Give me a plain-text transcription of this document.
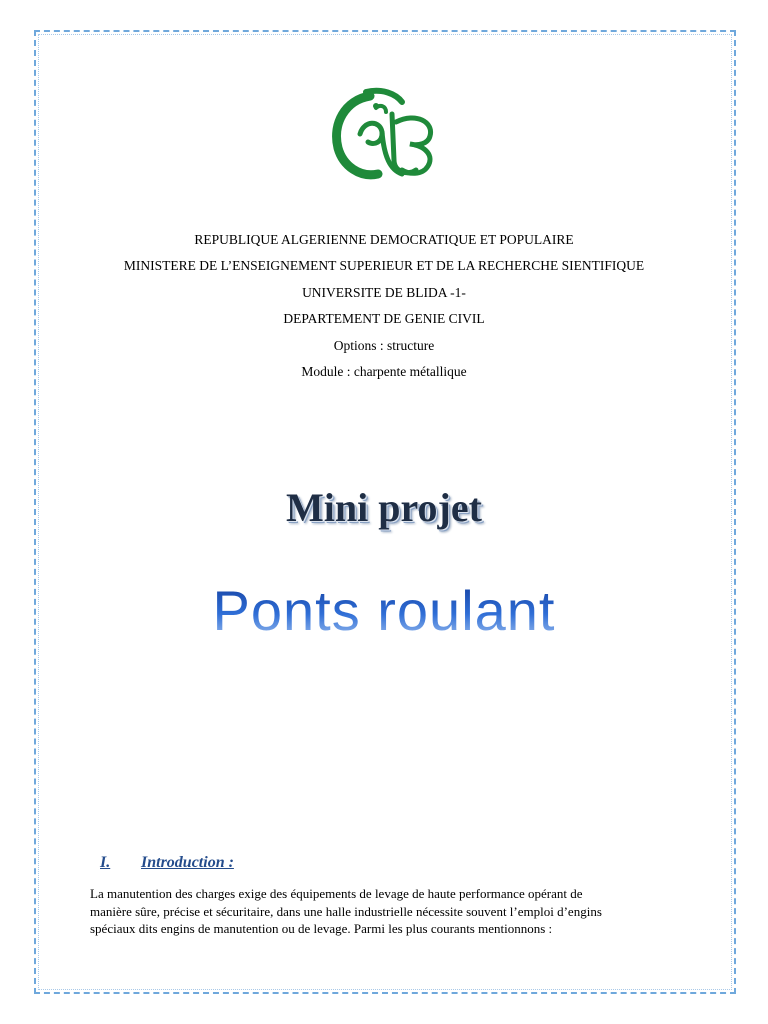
REPUBLIQUE ALGERIENNE DEMOCRATIQUE ET POPULAIRE
MINISTERE DE L’ENSEIGNEMENT SUPERIEUR ET DE LA RECHERCHE SIENTIFIQUE
UNIVERSITE DE BLIDA -1-
DEPARTEMENT DE GENIE CIVIL
Options : structure
Module : charpente métallique
Mini projet
Ponts roulant
I. Introduction :
La manutention des charges exige des équipements de levage de haute performance opérant de
manière sûre, précise et sécuritaire, dans une halle industrielle nécessite souvent l’emploi d’engins
spéciaux dits engins de manutention ou de levage. Parmi les plus courants mentionnons :
